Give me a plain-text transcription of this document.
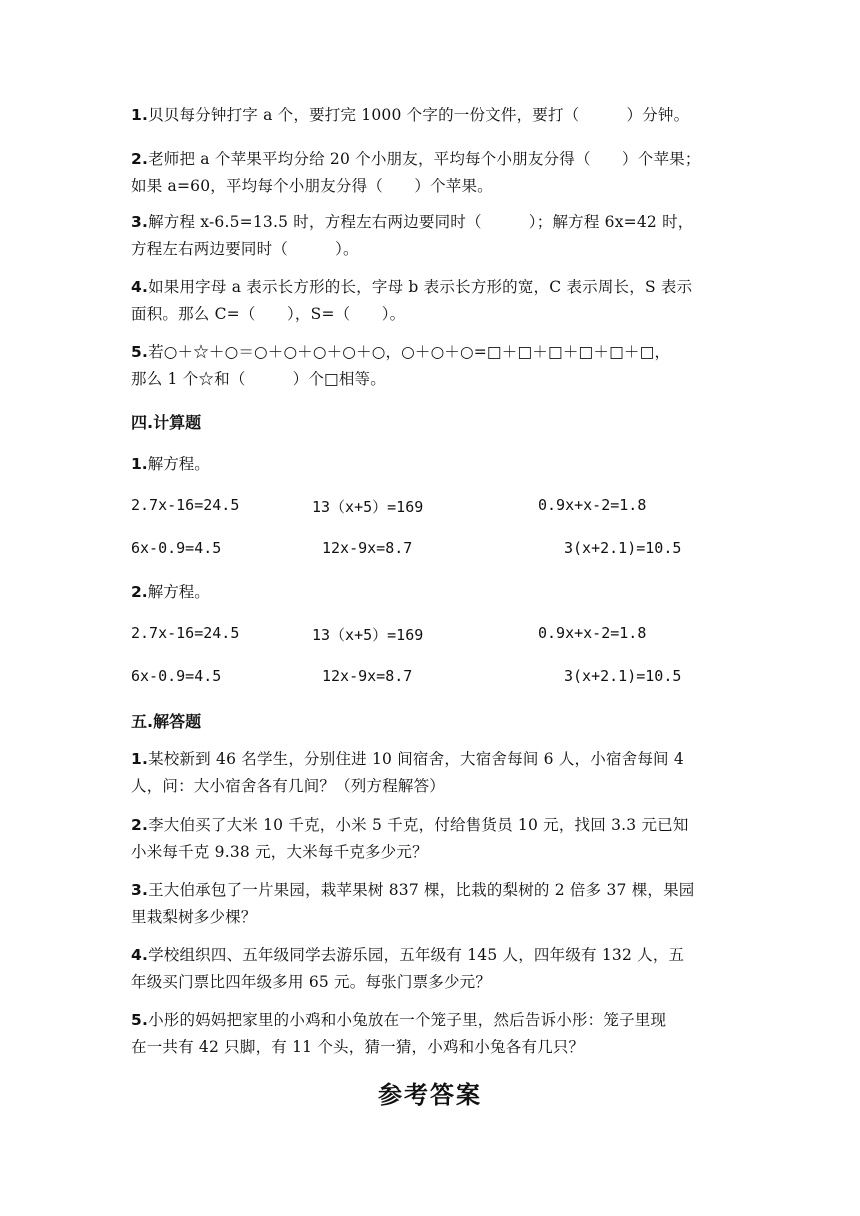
1.贝贝每分钟打字 a 个，要打完 1000 个字的一份文件，要打（　　　）分钟。
2.老师把 a 个苹果平均分给 20 个小朋友，平均每个小朋友分得（　　）个苹果；
如果 a=60，平均每个小朋友分得（　　）个苹果。
3.解方程 x-6.5=13.5 时，方程左右两边要同时（　　　）；解方程 6x=42 时，
方程左右两边要同时（　　　）。
4.如果用字母 a 表示长方形的长，字母 b 表示长方形的宽，C 表示周长，S 表示
面积。那么 C=（　　），S=（　　）。
5.若○＋☆＋○＝○＋○＋○＋○＋○，○＋○＋○=□＋□＋□＋□＋□＋□，
那么 1 个☆和（　　　）个□相等。
四.计算题
1.解方程。
2.7x-16=24.5	13（x+5）=169	0.9x+x-2=1.8
6x-0.9=4.5	12x-9x=8.7	3(x+2.1)=10.5
2.解方程。
2.7x-16=24.5	13（x+5）=169	0.9x+x-2=1.8
6x-0.9=4.5	12x-9x=8.7	3(x+2.1)=10.5
五.解答题
1.某校新到 46 名学生，分别住进 10 间宿舍，大宿舍每间 6 人，小宿舍每间 4
人，问：大小宿舍各有几间？（列方程解答）
2.李大伯买了大米 10 千克，小米 5 千克，付给售货员 10 元，找回 3.3 元已知
小米每千克 9.38 元，大米每千克多少元？
3.王大伯承包了一片果园，栽苹果树 837 棵，比栽的梨树的 2 倍多 37 棵，果园
里栽梨树多少棵？
4.学校组织四、五年级同学去游乐园，五年级有 145 人，四年级有 132 人，五
年级买门票比四年级多用 65 元。每张门票多少元？
5.小彤的妈妈把家里的小鸡和小兔放在一个笼子里，然后告诉小彤：笼子里现
在一共有 42 只脚，有 11 个头，猜一猜，小鸡和小兔各有几只？
参考答案
